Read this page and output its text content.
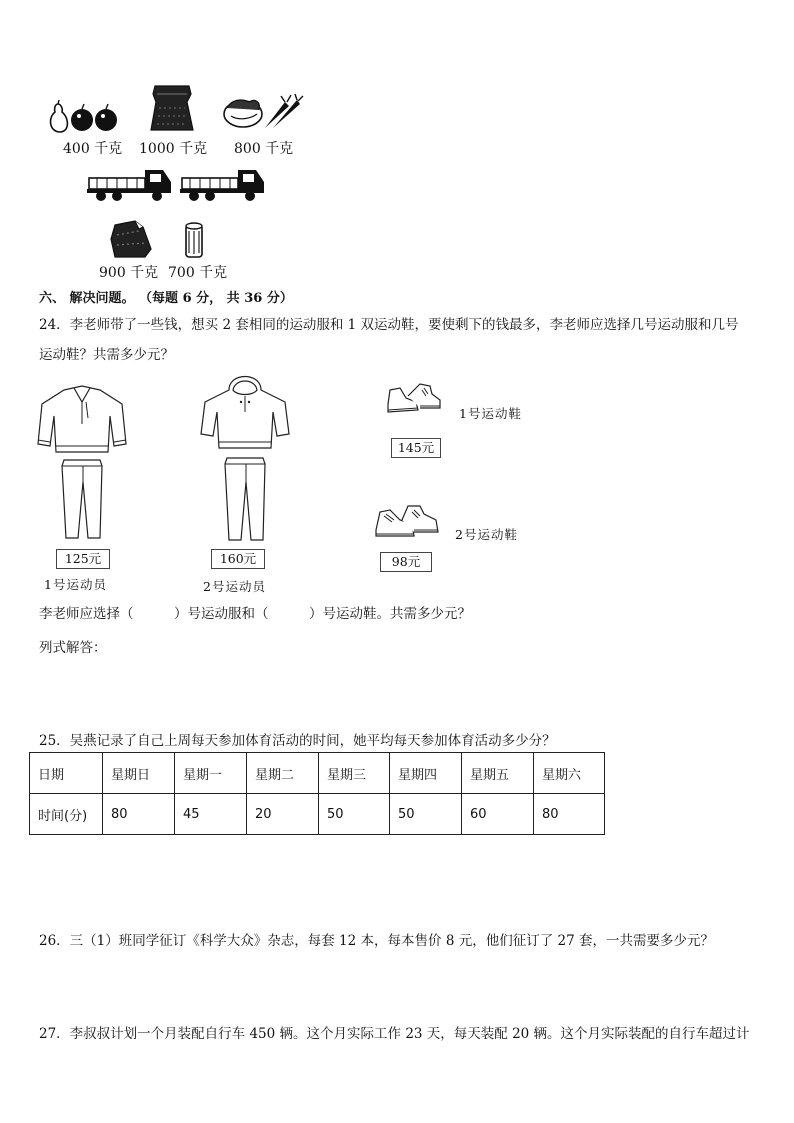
400 千克 1000 千克 800 千克
900 千克 700 千克
六、 解决问题。 （每题 6 分， 共 36 分）
24．李老师带了一些钱，想买 2 套相同的运动服和 1 双运动鞋，要使剩下的钱最多，李老师应选择几号运动服和几号
运动鞋？共需多少元？
125元
1号运动员
160元
2号运动员
145元
1号运动鞋
98元
2号运动鞋
李老师应选择（　　　）号运动服和（　　　）号运动鞋。共需多少元？
列式解答：
25．吴燕记录了自己上周每天参加体育活动的时间，她平均每天参加体育活动多少分？
日期	星期日	星期一	星期二	星期三	星期四	星期五	星期六
时间(分)	80	45	20	50	50	60	80
26．三（1）班同学征订《科学大众》杂志，每套 12 本，每本售价 8 元，他们征订了 27 套，一共需要多少元？
27．李叔叔计划一个月装配自行车 450 辆。这个月实际工作 23 天，每天装配 20 辆。这个月实际装配的自行车超过计
